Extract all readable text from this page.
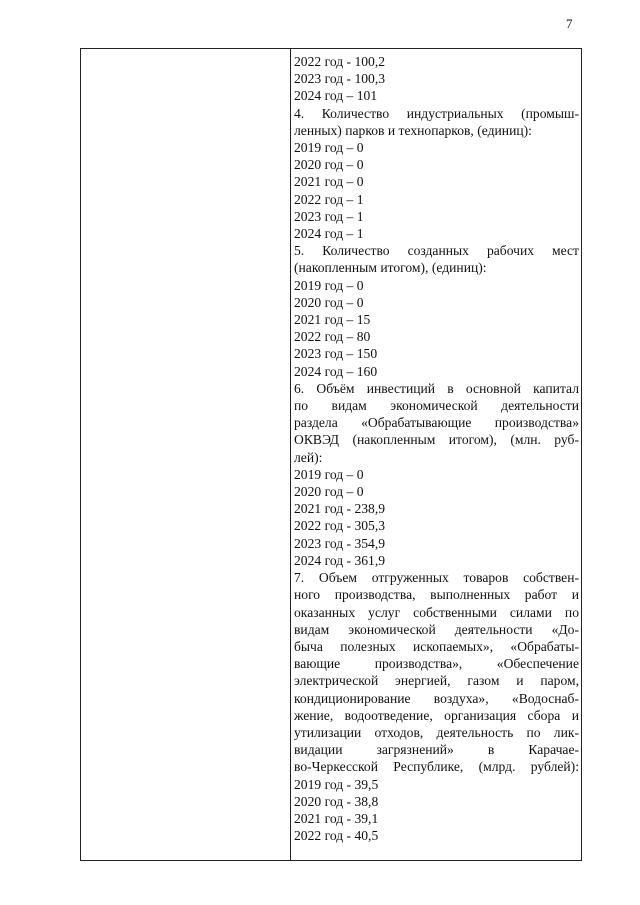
7
2022 год - 100,2
2023 год - 100,3
2024 год – 101
4. Количество индустриальных (промыш-
ленных) парков и технопарков, (единиц):
2019 год – 0
2020 год – 0
2021 год – 0
2022 год – 1
2023 год – 1
2024 год – 1
5. Количество созданных рабочих мест
(накопленным итогом), (единиц):
2019 год – 0
2020 год – 0
2021 год – 15
2022 год – 80
2023 год – 150
2024 год – 160
6. Объём инвестиций в основной капитал
по видам экономической деятельности
раздела «Обрабатывающие производства»
ОКВЭД (накопленным итогом), (млн. руб-
лей):
2019 год – 0
2020 год – 0
2021 год - 238,9
2022 год - 305,3
2023 год - 354,9
2024 год - 361,9
7. Объем отгруженных товаров собствен-
ного производства, выполненных работ и
оказанных услуг собственными силами по
видам экономической деятельности «До-
быча полезных ископаемых», «Обрабаты-
вающие производства», «Обеспечение
электрической энергией, газом и паром,
кондиционирование воздуха», «Водоснаб-
жение, водоотведение, организация сбора и
утилизации отходов, деятельность по лик-
видации загрязнений» в Карачае-
во-Черкесской Республике, (млрд. рублей):
2019 год - 39,5
2020 год - 38,8
2021 год - 39,1
2022 год - 40,5
